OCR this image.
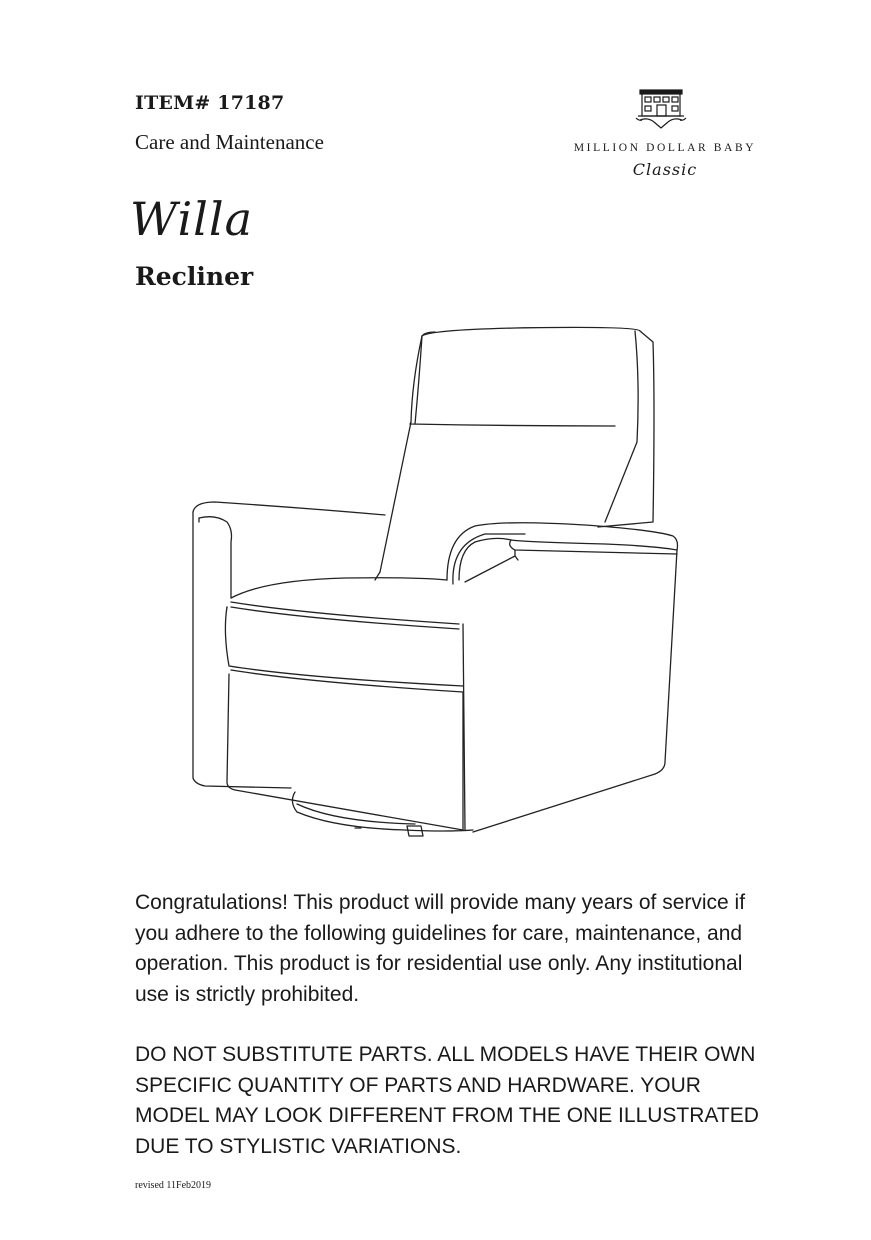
ITEM# 17187
Care and Maintenance	MILLION DOLLAR BABY
Classic
Willa
Recliner

Congratulations! This product will provide many years of service if you adhere to the following guidelines for care, maintenance, and operation. This product is for residential use only. Any institutional use is strictly prohibited.

DO NOT SUBSTITUTE PARTS. ALL MODELS HAVE THEIR OWN SPECIFIC QUANTITY OF PARTS AND HARDWARE. YOUR MODEL MAY LOOK DIFFERENT FROM THE ONE ILLUSTRATED DUE TO STYLISTIC VARIATIONS.

revised 11Feb2019
